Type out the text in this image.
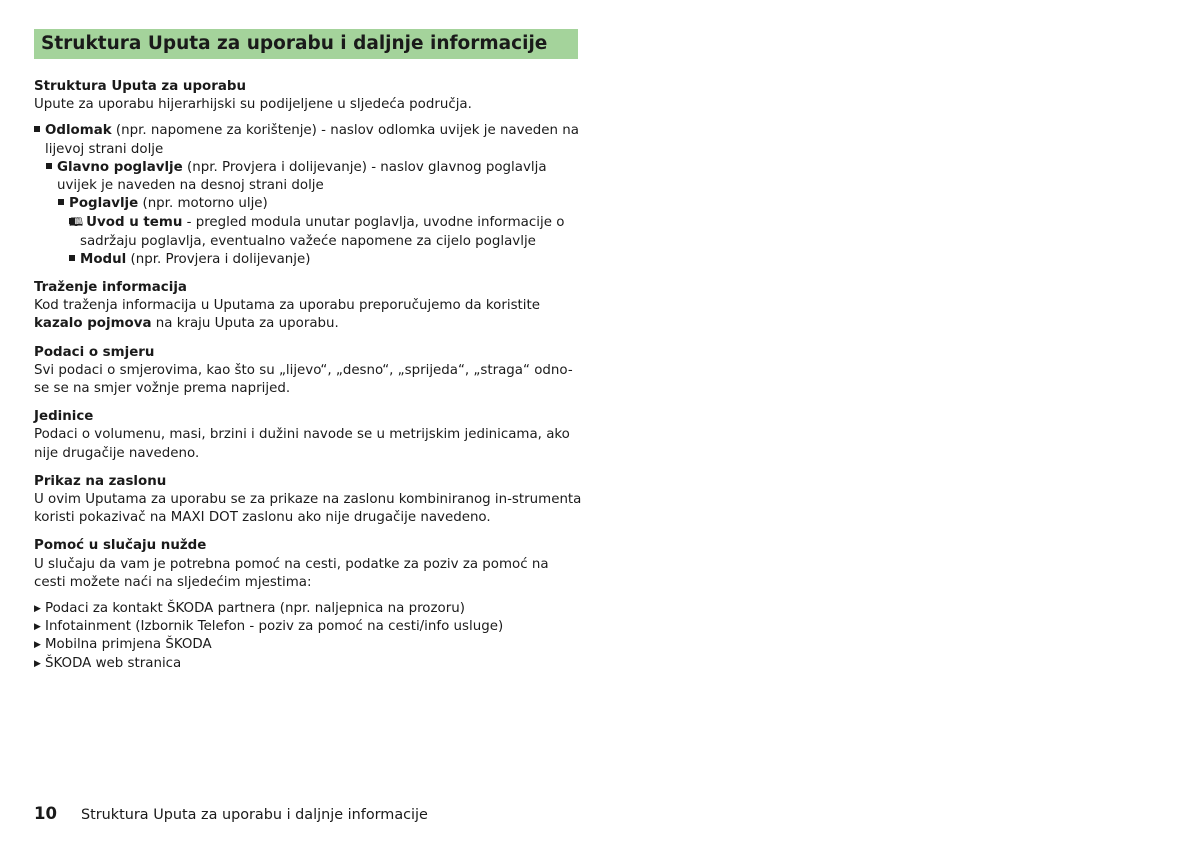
Struktura Uputa za uporabu i daljnje informacije

Struktura Uputa za uporabu

Upute za uporabu hijerarhijski su podijeljene u sljedeća područja.

Odlomak (npr. napomene za korištenje) - naslov odlomka uvijek je naveden na lijevoj strani dolje

Glavno poglavlje (npr. Provjera i dolijevanje) - naslov glavnog poglavlja uvijek je naveden na desnoj strani dolje

Poglavlje (npr. motorno ulje)

🕮 Uvod u temu - pregled modula unutar poglavlja, uvodne informacije o sadržaju poglavlja, eventualno važeće napomene za cijelo poglavlje

Modul (npr. Provjera i dolijevanje)

Traženje informacija

Kod traženja informacija u Uputama za uporabu preporučujemo da koristite kazalo pojmova na kraju Uputa za uporabu.

Podaci o smjeru

Svi podaci o smjerovima, kao što su „lijevo“, „desno“, „sprijeda“, „straga“ odno-se se na smjer vožnje prema naprijed.

Jedinice

Podaci o volumenu, masi, brzini i dužini navode se u metrijskim jedinicama, ako nije drugačije navedeno.

Prikaz na zaslonu

U ovim Uputama za uporabu se za prikaze na zaslonu kombiniranog in-strumenta koristi pokazivač na MAXI DOT zaslonu ako nije drugačije navedeno.

Pomoć u slučaju nužde

U slučaju da vam je potrebna pomoć na cesti, podatke za poziv za pomoć na cesti možete naći na sljedećim mjestima:

▶ Podaci za kontakt ŠKODA partnera (npr. naljepnica na prozoru)

▶ Infotainment (Izbornik Telefon - poziv za pomoć na cesti/info usluge)

▶ Mobilna primjena ŠKODA

▶ ŠKODA web stranica

10 Struktura Uputa za uporabu i daljnje informacije
